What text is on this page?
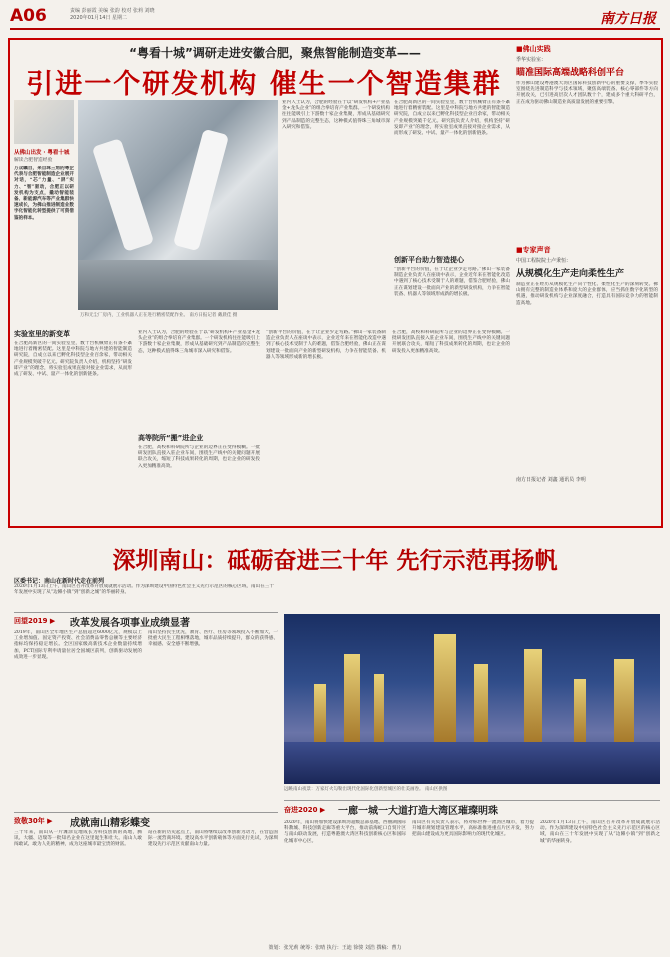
A06	责编 彭丽霞 美编 张韵 校对 张莉 刘晓
2020年01月14日 星期二	南方日报
“粤看十城”调研走进安徽合肥，聚焦智能制造变革——
引进一个研发机构 催生一个智造集群
从佛山出发 · 粤看十城
解读合肥智造经验
万众瞩目，来自珠三角的粤企代表与合肥智能制造企业展开对话，“芯”力量、“屏”实力、“智”驱动，合肥正以研发机构为支点，撬动智能装备、新能源汽车等产业集群快速成长，为佛山推进制造业数字化智能化转型提供了可资借鉴的样本。
万和无尘厂房内，工业机器人正在进行精密装配作业。 南方日报记者 戴晨佳 摄
业内人士认为，合肥的经验在于以“研发机构+产业基金+龙头企业”的组合拳培育产业集群。一个研发机构往往能吸引上下游数十家企业集聚，形成从基础研究到产品制造的完整生态，这种模式值得珠三角城市深入研究和借鉴。
在合肥高新区的一间实验室里，数十台机械臂正有条不紊地进行着精密装配。这里是中科院与地方共建的智能制造研究院，自成立以来已孵化科技型企业百余家，带动相关产业规模突破千亿元。研究院负责人介绍，机构坚持“研发即产业”的理念，将实验室成果直接对接企业需求，从而形成了研发、中试、量产一体化的创新链条。
创新平台助力智造提心
“创新平台的价值，在于让企业少走弯路。”佛山一家装备制造企业负责人在座谈中表示，企业近年来在智能化改造中遇到了核心技术受制于人的难题，借鉴合肥经验，佛山正在谋划建设一批面向产业的新型研发机构，力争在智能装备、机器人等领域形成新的增长极。
实验室里的新变革
在合肥高新区的一间实验室里，数十台机械臂正有条不紊地进行着精密装配。这里是中科院与地方共建的智能制造研究院，自成立以来已孵化科技型企业百余家，带动相关产业规模突破千亿元。研究院负责人介绍，机构坚持“研发即产业”的理念，将实验室成果直接对接企业需求，从而形成了研发、中试、量产一体化的创新链条。
业内人士认为，合肥的经验在于以“研发机构+产业基金+龙头企业”的组合拳培育产业集群。一个研发机构往往能吸引上下游数十家企业集聚，形成从基础研究到产品制造的完整生态，这种模式值得珠三角城市深入研究和借鉴。
高等院所“搬”进企业
在合肥，高校和科研院所与企业的边界正在变得模糊。一批研发团队直接入驻企业车间，围绕生产线中的关键问题开展联合攻关，缩短了科技成果转化的周期，也让企业的研发投入更加精准高效。
“创新平台的价值，在于让企业少走弯路。”佛山一家装备制造企业负责人在座谈中表示，企业近年来在智能化改造中遇到了核心技术受制于人的难题，借鉴合肥经验，佛山正在谋划建设一批面向产业的新型研发机构，力争在智能装备、机器人等领域形成新的增长极。
在合肥，高校和科研院所与企业的边界正在变得模糊。一批研发团队直接入驻企业车间，围绕生产线中的关键问题开展联合攻关，缩短了科技成果转化的周期，也让企业的研发投入更加精准高效。
■佛山实践
季华实验室：
瞄准国际高端战略科创平台
作为佛山建设粤港澳大湾区国际科技创新中心的重要支撑，季华实验室围绕先进制造科学与技术领域，聚焦高端装备、核心零部件等方向开展攻关，已引进高层次人才团队数十个，建成多个重大科研平台，正在成为驱动佛山制造业高质量发展的重要引擎。
■专家声音
中国工程院院士卢秉恒：
从规模化生产走向柔性生产
制造业正在经历从规模化生产向个性化、柔性化生产的深刻转变。佛山拥有完整的制造业体系和庞大的企业群体，应当抓住数字化转型的机遇，推动研发机构与企业深度融合，打造具有国际竞争力的智能制造高地。
南方日报记者 刘鑫 通讯员 李明
深圳南山：砥砺奋进三十年 先行示范再扬帆
区委书记：南山在新时代走在前列
2020年1月13日上午，南山区召开改革开放成就展示活动。作为深圳建设中国特色社会主义先行示范区的核心区域，南山在三十年发展中实现了从“边陲小镇”到“创新之城”的华丽转身。
回望2019 ▶ 改革发展各项事业成绩显著
2019年，南山区全年地区生产总值超过6000亿元，规模以上工业增加值、固定资产投资、社会消费品零售总额等主要经济指标均保持稳定增长。全区国家级高新技术企业数量持续增加，PCT国际专利申请量位居全国城区前列，创新驱动发展的成效进一步显现。
南山坚持民生优先，教育、医疗、住房等领域投入不断加大，一批重大民生工程相继落地，城市品质持续提升，群众的获得感、幸福感、安全感不断增强。
远眺南山夜景：万家灯火勾勒出现代化国际化创新型城区的壮美画卷。 南山区供图
致敬30年 ▶ 成就南山精彩蝶变
三十年来，南山从一片滩涂荒地成长为科技创新的高地，腾讯、大疆、迈瑞等一批知名企业在这里诞生和壮大。南山人敢闯敢试、敢为人先的精神，成为这座城市最宝贵的财富。
站在新的历史起点上，南山将继续以改革创新为动力，在营造国际一流营商环境、建设高水平创新载体等方面先行先试，为深圳建设先行示范区贡献南山力量。
奋进2020 ▶ 一廊一城一大道打造大湾区璀璨明珠
2020年，南山将加快建设深圳湾超级总部基地、西丽湖国际科教城、科技创新走廊等重大平台，推动前海蛇口自贸片区与南山联动发展，打造粤港澳大湾区科技创新核心区和国际化城市中心区。
南山区有关负责人表示，将对标世界一流湾区城市，着力提升城市规划建设管理水平，高标准推进重点片区开发，努力把南山建设成为更具国际影响力的现代化城区。
2020年1月13日上午，南山区召开改革开放成就展示活动。作为深圳建设中国特色社会主义先行示范区的核心区域，南山在三十年发展中实现了从“边陲小镇”到“创新之城”的华丽转身。
策划：张光莉 统筹：张晴 执行：王迪 徐骏 刘浩 撰稿：曹力
